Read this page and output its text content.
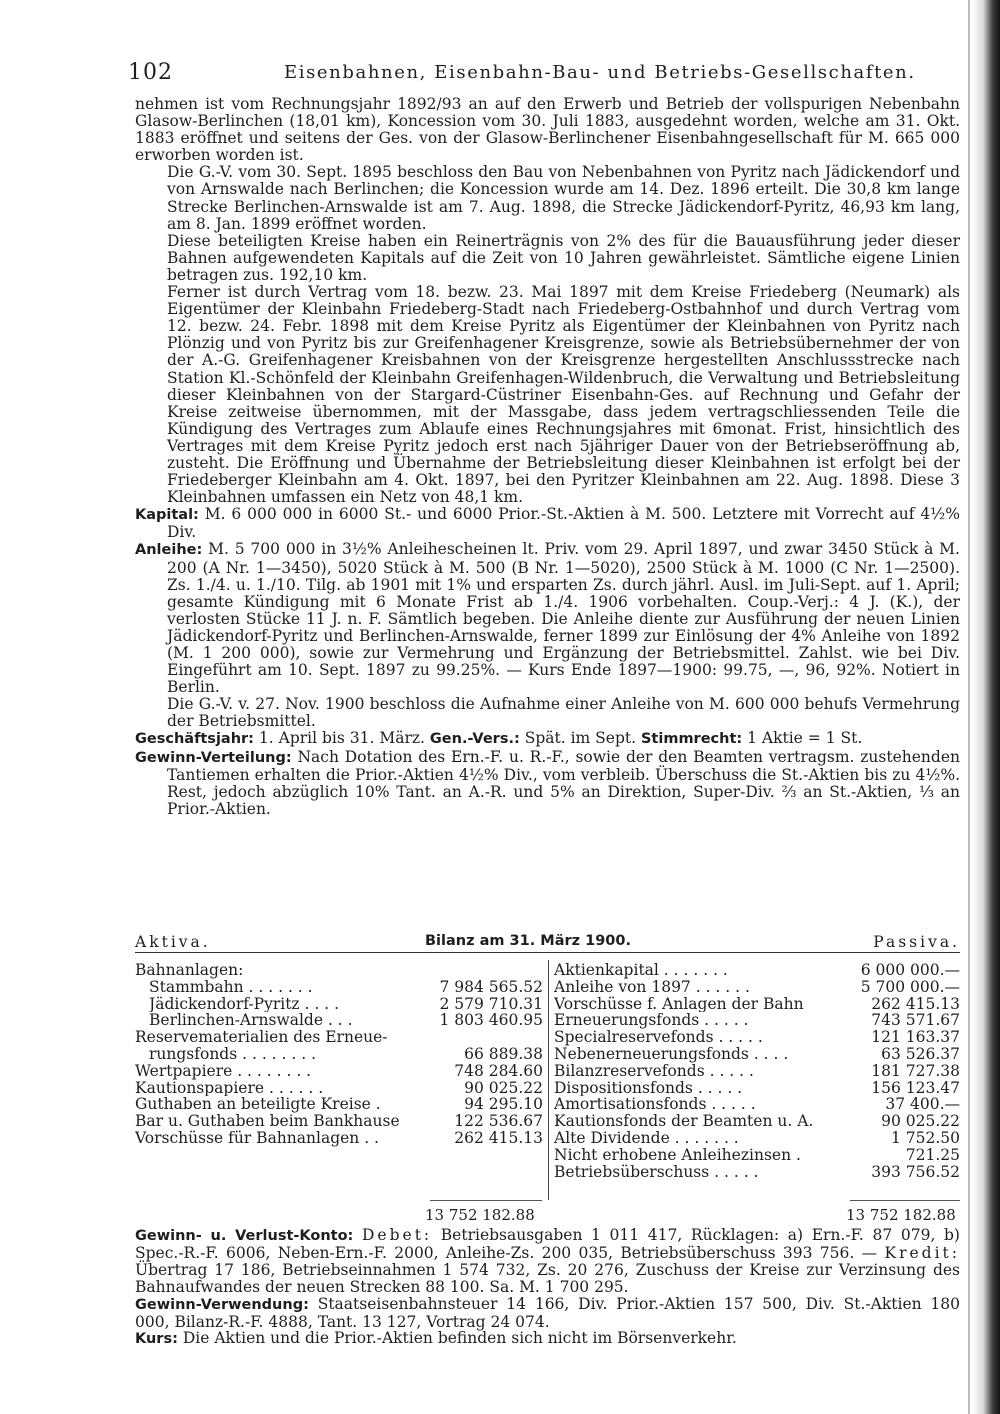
102	Eisenbahnen, Eisenbahn-Bau- und Betriebs-Gesellschaften.

nehmen ist vom Rechnungsjahr 1892/93 an auf den Erwerb und Betrieb der vollspurigen Nebenbahn Glasow-Berlinchen (18,01 km), Koncession vom 30. Juli 1883, ausgedehnt worden, welche am 31. Okt. 1883 eröffnet und seitens der Ges. von der Glasow-Berlinchener Eisenbahngesellschaft für M. 665 000 erworben worden ist.

Die G.-V. vom 30. Sept. 1895 beschloss den Bau von Nebenbahnen von Pyritz nach Jädickendorf und von Arnswalde nach Berlinchen; die Koncession wurde am 14. Dez. 1896 erteilt. Die 30,8 km lange Strecke Berlinchen-Arnswalde ist am 7. Aug. 1898, die Strecke Jädickendorf-Pyritz, 46,93 km lang, am 8. Jan. 1899 eröffnet worden.

Diese beteiligten Kreise haben ein Reinerträgnis von 2% des für die Bauausführung jeder dieser Bahnen aufgewendeten Kapitals auf die Zeit von 10 Jahren gewährleistet. Sämtliche eigene Linien betragen zus. 192,10 km.

Ferner ist durch Vertrag vom 18. bezw. 23. Mai 1897 mit dem Kreise Friedeberg (Neumark) als Eigentümer der Kleinbahn Friedeberg-Stadt nach Friedeberg-Ostbahnhof und durch Vertrag vom 12. bezw. 24. Febr. 1898 mit dem Kreise Pyritz als Eigentümer der Kleinbahnen von Pyritz nach Plönzig und von Pyritz bis zur Greifenhagener Kreisgrenze, sowie als Betriebsübernehmer der von der A.-G. Greifenhagener Kreisbahnen von der Kreisgrenze hergestellten Anschlussstrecke nach Station Kl.-Schönfeld der Kleinbahn Greifenhagen-Wildenbruch, die Verwaltung und Betriebsleitung dieser Kleinbahnen von der Stargard-Cüstriner Eisenbahn-Ges. auf Rechnung und Gefahr der Kreise zeitweise übernommen, mit der Massgabe, dass jedem vertragschliessenden Teile die Kündigung des Vertrages zum Ablaufe eines Rechnungsjahres mit 6monat. Frist, hinsichtlich des Vertrages mit dem Kreise Pyritz jedoch erst nach 5jähriger Dauer von der Betriebseröffnung ab, zusteht. Die Eröffnung und Übernahme der Betriebsleitung dieser Kleinbahnen ist erfolgt bei der Friedeberger Kleinbahn am 4. Okt. 1897, bei den Pyritzer Kleinbahnen am 22. Aug. 1898. Diese 3 Kleinbahnen umfassen ein Netz von 48,1 km.

Kapital: M. 6 000 000 in 6000 St.- und 6000 Prior.-St.-Aktien à M. 500. Letztere mit Vorrecht auf 4½% Div.

Anleihe: M. 5 700 000 in 3½% Anleihescheinen lt. Priv. vom 29. April 1897, und zwar 3450 Stück à M. 200 (A Nr. 1—3450), 5020 Stück à M. 500 (B Nr. 1—5020), 2500 Stück à M. 1000 (C Nr. 1—2500). Zs. 1./4. u. 1./10. Tilg. ab 1901 mit 1% und ersparten Zs. durch jährl. Ausl. im Juli-Sept. auf 1. April; gesamte Kündigung mit 6 Monate Frist ab 1./4. 1906 vorbehalten. Coup.-Verj.: 4 J. (K.), der verlosten Stücke 11 J. n. F. Sämtlich begeben. Die Anleihe diente zur Ausführung der neuen Linien Jädickendorf-Pyritz und Berlinchen-Arnswalde, ferner 1899 zur Einlösung der 4% Anleihe von 1892 (M. 1 200 000), sowie zur Vermehrung und Ergänzung der Betriebsmittel. Zahlst. wie bei Div. Eingeführt am 10. Sept. 1897 zu 99.25%. — Kurs Ende 1897—1900: 99.75, —, 96, 92%. Notiert in Berlin.

Die G.-V. v. 27. Nov. 1900 beschloss die Aufnahme einer Anleihe von M. 600 000 behufs Vermehrung der Betriebsmittel.

Geschäftsjahr: 1. April bis 31. März. Gen.-Vers.: Spät. im Sept. Stimmrecht: 1 Aktie = 1 St.

Gewinn-Verteilung: Nach Dotation des Ern.-F. u. R.-F., sowie der den Beamten vertragsm. zustehenden Tantiemen erhalten die Prior.-Aktien 4½% Div., vom verbleib. Überschuss die St.-Aktien bis zu 4½%. Rest, jedoch abzüglich 10% Tant. an A.-R. und 5% an Direktion, Super-Div. ⅔ an St.-Aktien, ⅓ an Prior.-Aktien.

Aktiva.	Bilanz am 31. März 1900.	Passiva.
Bahnanlagen:
Stammbahn . . . . . . .	7 984 565.52
Jädickendorf-Pyritz . . . .	2 579 710.31
Berlinchen-Arnswalde . . .	1 803 460.95
Reservematerialien des Erneue-
rungsfonds . . . . . . . .	66 889.38
Wertpapiere . . . . . . . .	748 284.60
Kautionspapiere . . . . . .	90 025.22
Guthaben an beteiligte Kreise .	94 295.10
Bar u. Guthaben beim Bankhause	122 536.67
Vorschüsse für Bahnanlagen . .	262 415.13
Aktienkapital . . . . . . .	6 000 000.—
Anleihe von 1897 . . . . . .	5 700 000.—
Vorschüsse f. Anlagen der Bahn	262 415.13
Erneuerungsfonds . . . . .	743 571.67
Specialreservefonds . . . . .	121 163.37
Nebenerneuerungsfonds . . . .	63 526.37
Bilanzreservefonds . . . . .	181 727.38
Dispositionsfonds . . . . .	156 123.47
Amortisationsfonds . . . . .	37 400.—
Kautionsfonds der Beamten u. A.	90 025.22
Alte Dividende . . . . . . .	1 752.50
Nicht erhobene Anleihezinsen .	721.25
Betriebsüberschuss . . . . .	393 756.52
13 752 182.88	13 752 182.88

Gewinn- u. Verlust-Konto: Debet: Betriebsausgaben 1 011 417, Rücklagen: a) Ern.-F. 87 079, b) Spec.-R.-F. 6006, Neben-Ern.-F. 2000, Anleihe-Zs. 200 035, Betriebsüberschuss 393 756. — Kredit: Übertrag 17 186, Betriebseinnahmen 1 574 732, Zs. 20 276, Zuschuss der Kreise zur Verzinsung des Bahnaufwandes der neuen Strecken 88 100. Sa. M. 1 700 295.

Gewinn-Verwendung: Staatseisenbahnsteuer 14 166, Div. Prior.-Aktien 157 500, Div. St.-Aktien 180 000, Bilanz-R.-F. 4888, Tant. 13 127, Vortrag 24 074.

Kurs: Die Aktien und die Prior.-Aktien befinden sich nicht im Börsenverkehr.
